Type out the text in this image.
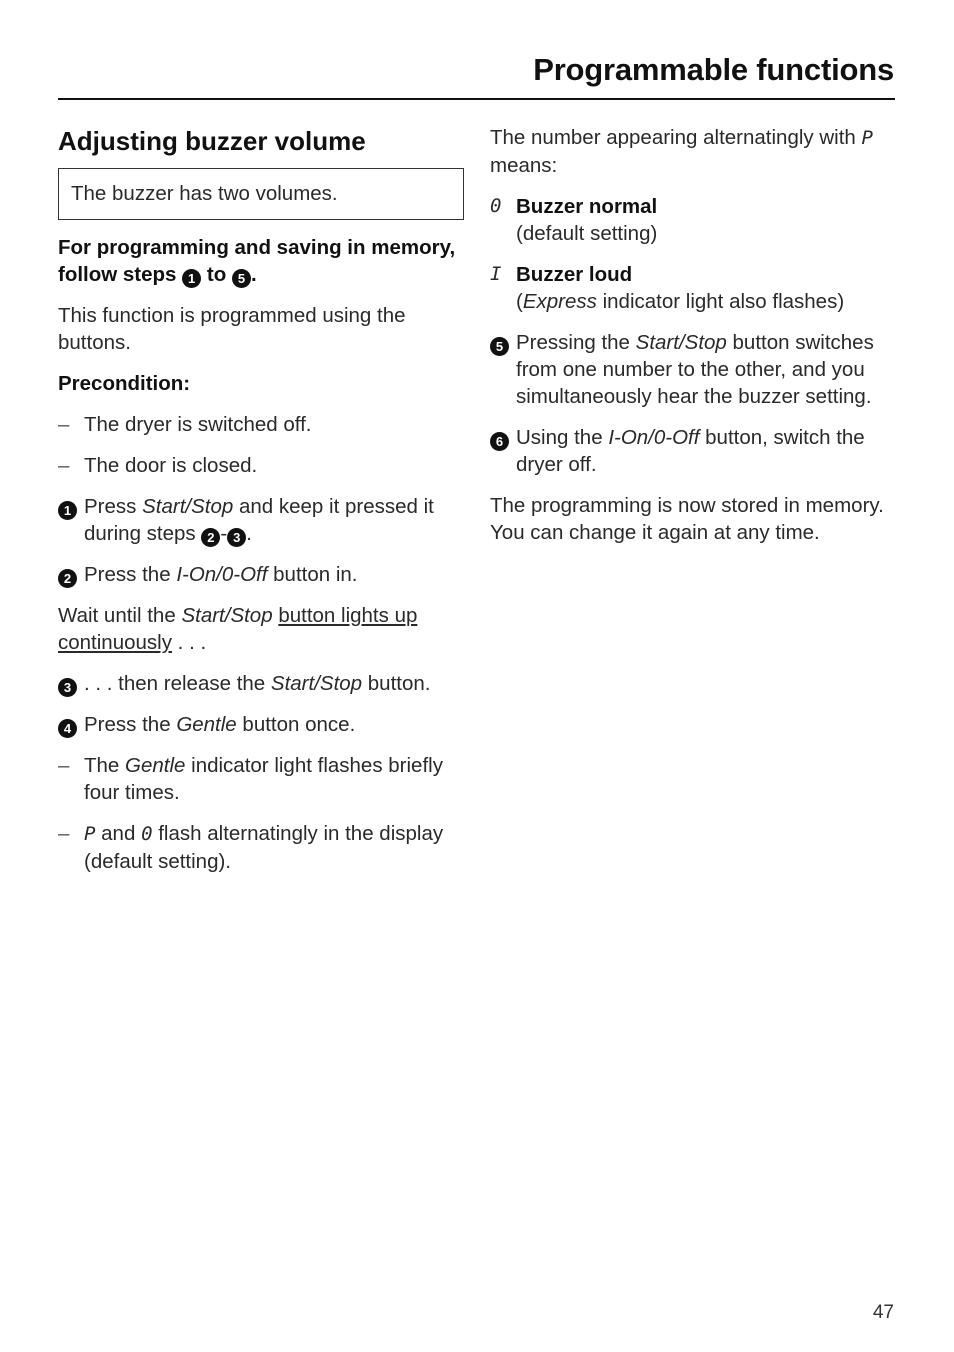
Programmable functions
Adjusting buzzer volume
The buzzer has two volumes.

For programming and saving in memory, follow steps 1 to 5 .

This function is programmed using the buttons.

Precondition:

– The dryer is switched off.
– The door is closed.
1 Press Start/Stop and keep it pressed it during steps 2 - 3 .
2 Press the I-On/0-Off button in.

Wait until the Start/Stop button lights up continuously . . .

3 . . . then release the Start/Stop button.
4 Press the Gentle button once.
– The Gentle indicator light flashes briefly four times.
– P and 0 flash alternatingly in the display (default setting).

The number appearing alternatingly with P means:

0 Buzzer normal
(default setting)
I Buzzer loud
(Express indicator light also flashes)
5 Pressing the Start/Stop button switches from one number to the other, and you simultaneously hear the buzzer setting.
6 Using the I-On/0-Off button, switch the dryer off.

The programming is now stored in memory. You can change it again at any time.

47
